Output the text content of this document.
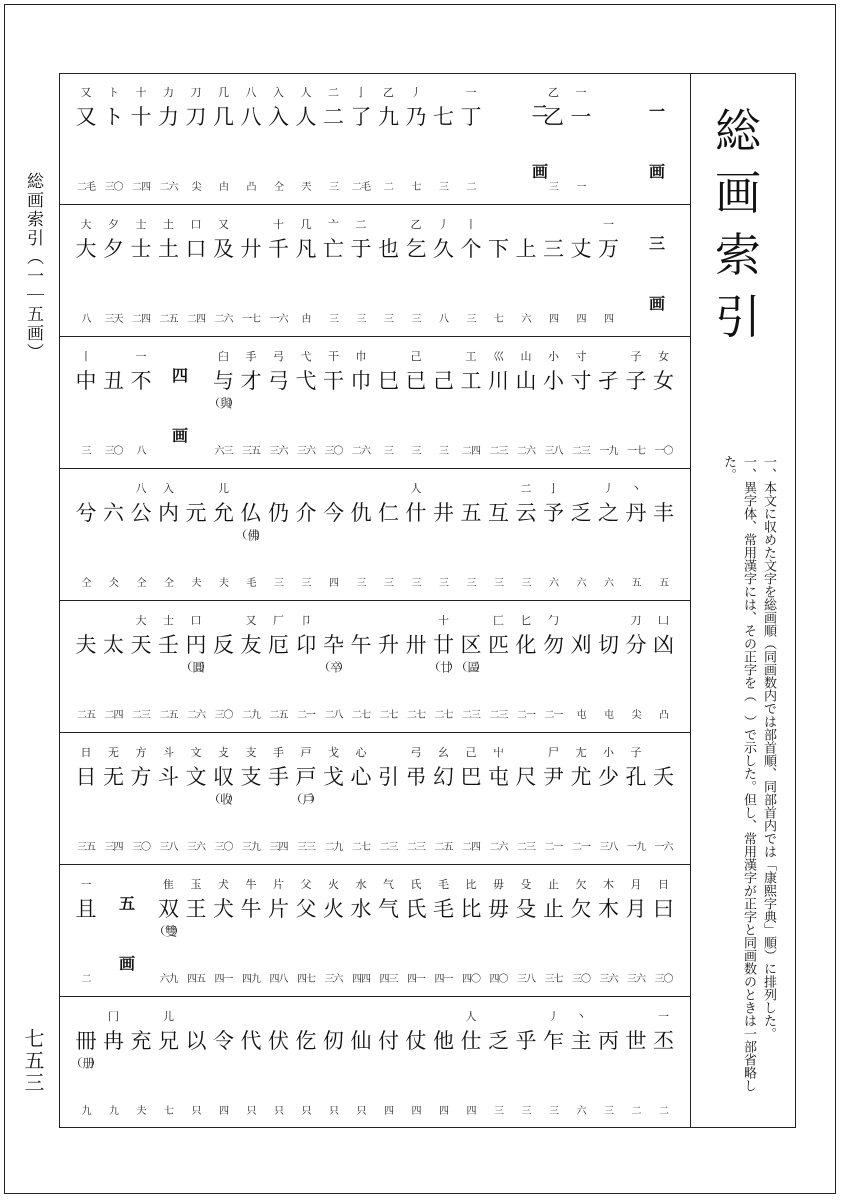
総画索引（一｜五画）
七五三
又
又
二毛
ト
ト
三〇
十
十
二四
力
力
二六
刀
刀
尖
几
几
甴
八
八
凸
入
入
仝
人
人
兲
二
二
三
亅
了
二毛
乙
九
二
丿
乃
七
七
三
一
丁
二
乙
乙
三
一
一
一
二
画
一
画
大
大
八
夕
夕
三天
士
士
二四
土
土
二五
口
口
二四
又
及
二六
廾
一七
十
千
一六
几
凡
甴
亠
亡
三
二
于
三
也
三
乙
乞
三
丿
久
八
丨
个
三
下
七
上
六
三
四
丈
四
一
万
四
三
画
丨
中
三
丑
三〇
一
不
八
臼
与
與
六三
手
才
三五
弓
弓
三六
弋
弋
三六
干
干
三〇
巾
巾
二六
巳
三
己
已
三
己
三
工
工
二四
巛
川
二三
山
山
二六
小
小
三八
寸
寸
二三
孑
一九
子
子
一七
女
女
一〇
四
画
兮
仝
六
仌
八
公
仝
入
内
仝
元
夫
儿
允
夫
仏
佛
毛
仍
三
介
三
今
四
仇
三
仁
三
人
什
三
井
三
五
三
互
三
二
云
三
亅
予
六
乏
六
丿
之
六
丶
丹
五
丰
五
夫
二五
太
二四
大
天
二三
士
壬
二五
口
円
圓
二六
反
三〇
又
友
二九
厂
厄
二五
卩
卬
二一
卆
卒
二八
午
二七
升
二七
卅
二七
十
廿
廿
二七
区
區
二三
匚
匹
二三
匕
化
二一
勹
勿
二一
刈
屯
切
屯
刀
分
尖
凵
凶
凸
日
日
三五
无
无
三四
方
方
三〇
斗
斗
三八
文
文
三六
攴
収
收
三〇
支
支
三九
手
手
三四
戸
戸
戶
三三
戈
戈
二九
心
心
二七
引
二三
弓
弔
二三
幺
幻
二五
己
巴
二四
屮
屯
二六
尺
二三
尸
尹
二一
尢
尤
二一
小
少
三八
子
孔
一九
夭
一六
一
且
二
隹
双
雙
六九
玉
王
四五
犬
犬
四一
牛
牛
四九
片
片
四八
父
父
四七
火
火
三六
水
水
四四
气
气
四三
氏
氏
四一
毛
毛
四一
比
比
四〇
毋
毋
四〇
殳
殳
三八
止
止
三七
欠
欠
三〇
木
木
三六
月
月
三六
日
曰
三〇
五
画
冊
册
九
冂
冉
九
充
夫
儿
兄
七
以
只
令
四
代
只
伏
只
仡
只
仞
只
仙
只
付
四
仗
四
他
四
人
仕
四
乏
三
乎
三
丿
乍
三
丶
主
六
丙
三
世
二
一
丕
二
総
画
索
引
一、本文に収めた文字を総画順（同画数内では部首順、同部首内では「康熙字典」順）に排列した。
一、異字体、常用漢字には、その正字を（　）で示した。但し、常用漢字が正字と同画数のときは一部省略した。
